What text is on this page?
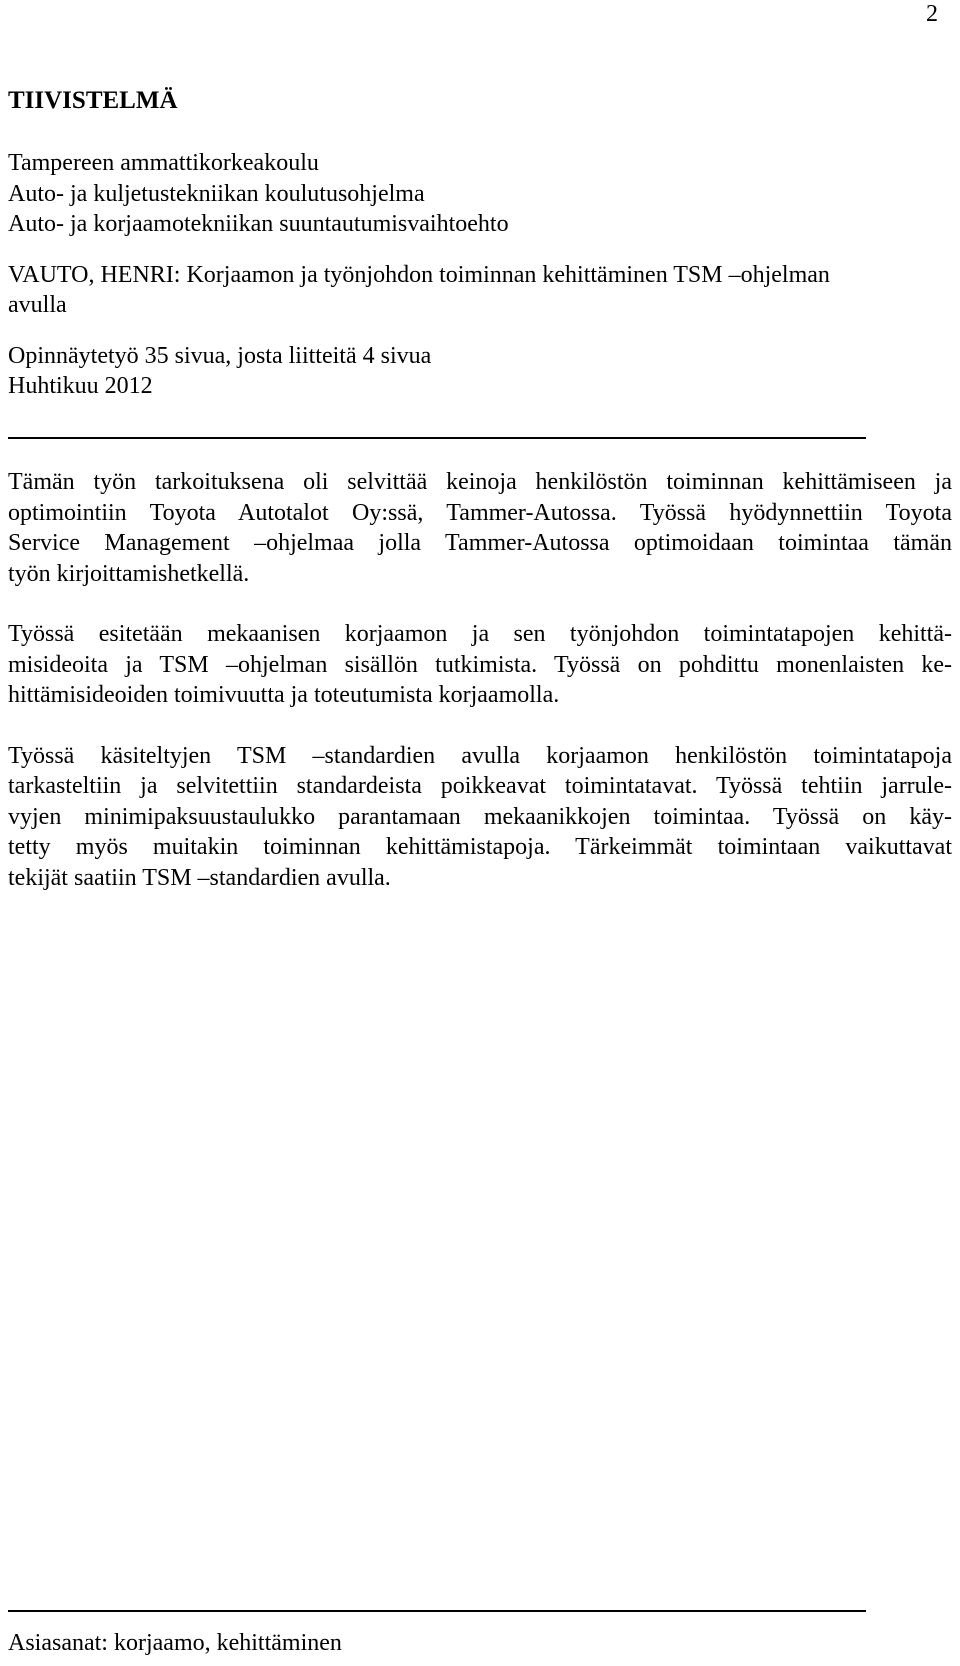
2
TIIVISTELMÄ
Tampereen ammattikorkeakoulu
Auto- ja kuljetustekniikan koulutusohjelma
Auto- ja korjaamotekniikan suuntautumisvaihtoehto
VAUTO, HENRI: Korjaamon ja työnjohdon toiminnan kehittäminen TSM –ohjelman
avulla
Opinnäytetyö 35 sivua, josta liitteitä 4 sivua
Huhtikuu 2012

Tämän työn tarkoituksena oli selvittää keinoja henkilöstön toiminnan kehittämiseen ja
optimointiin Toyota Autotalot Oy:ssä, Tammer-Autossa. Työssä hyödynnettiin Toyota
Service Management –ohjelmaa jolla Tammer-Autossa optimoidaan toimintaa tämän
työn kirjoittamishetkellä.

Työssä esitetään mekaanisen korjaamon ja sen työnjohdon toimintatapojen kehittä-
misideoita ja TSM –ohjelman sisällön tutkimista. Työssä on pohdittu monenlaisten ke-
hittämisideoiden toimivuutta ja toteutumista korjaamolla.

Työssä käsiteltyjen TSM –standardien avulla korjaamon henkilöstön toimintatapoja
tarkasteltiin ja selvitettiin standardeista poikkeavat toimintatavat. Työssä tehtiin jarrule-
vyjen minimipaksuustaulukko parantamaan mekaanikkojen toimintaa. Työssä on käy-
tetty myös muitakin toiminnan kehittämistapoja. Tärkeimmät toimintaan vaikuttavat
tekijät saatiin TSM –standardien avulla.

Asiasanat: korjaamo, kehittäminen
